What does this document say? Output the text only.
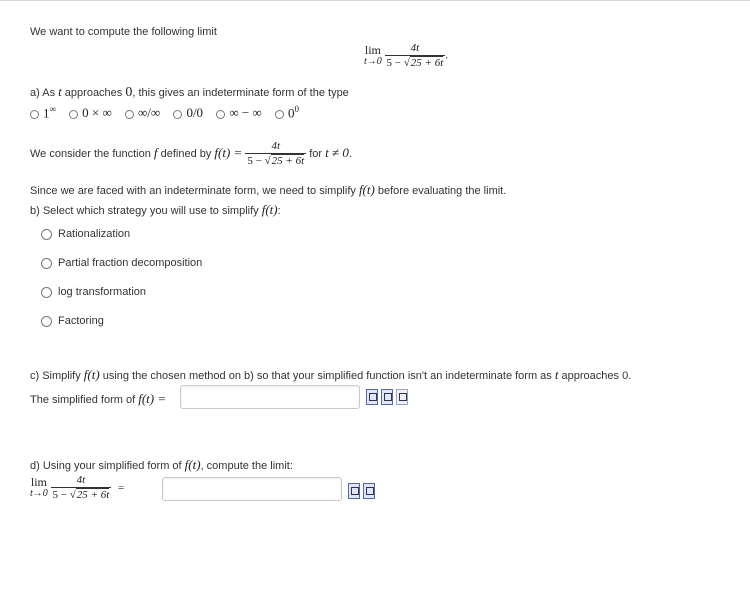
We want to compute the following limit
lim
t→0
$\frac{4t}{5 - √25 + 6t}$ .
a) As t approaches 0, this gives an indeterminate form of the type
1∞ 0 × ∞ ∞/∞ 0/0 ∞ − ∞ $0^0$
We consider the function f defined by $f(t) = \frac{4t}{5 - √25 + 6t}$ for t ≠ 0.
Since we are faced with an indeterminate form, we need to simplify f(t) before evaluating the limit.
b) Select which strategy you will use to simplify f(t):
Rationalization
Partial fraction decomposition
log transformation
Factoring
c) Simplify f(t) using the chosen method on b) so that your simplified function isn't an indeterminate form as t approaches 0.
The simplified form of f(t) =
d) Using your simplified form of f(t), compute the limit:
lim
t→0
$\frac{4t}{5 - √25 + 6t}$ =
